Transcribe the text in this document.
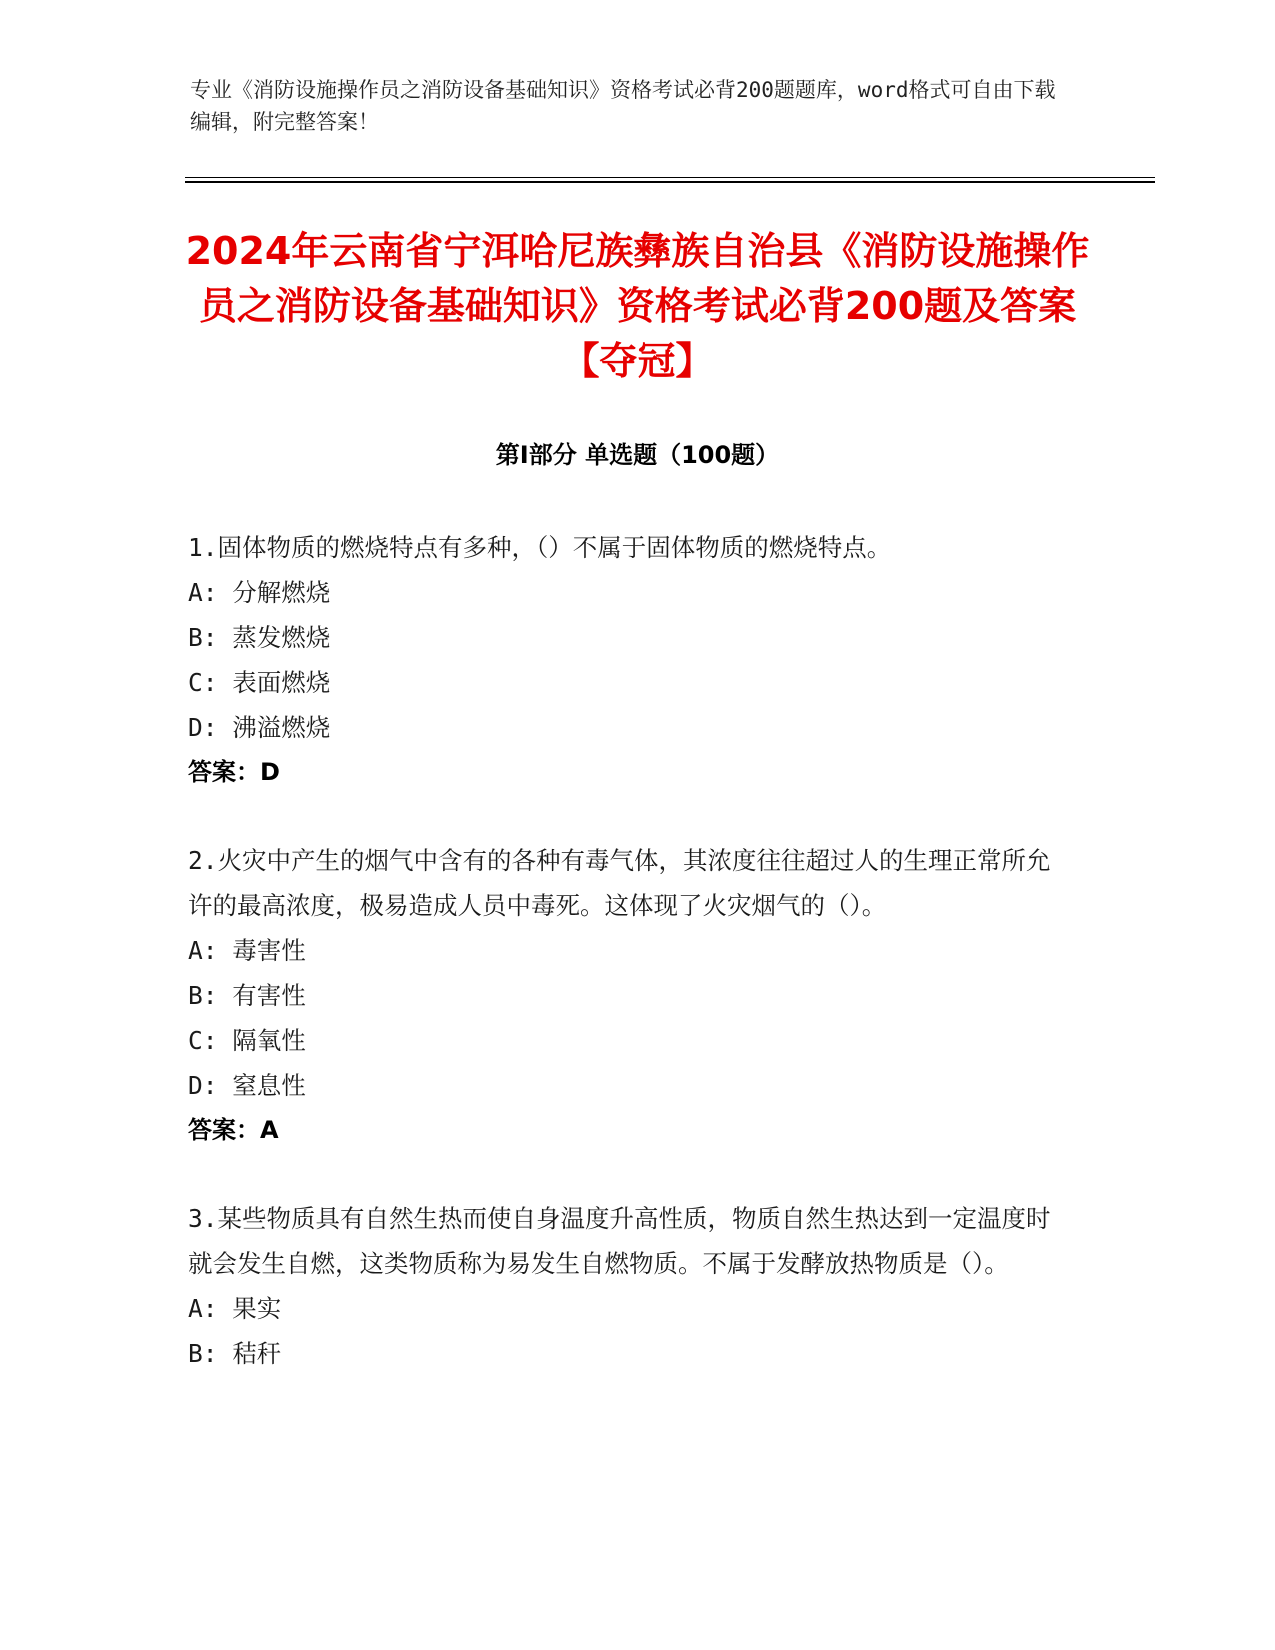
专业《消防设施操作员之消防设备基础知识》资格考试必背200题题库，word格式可自由下载编辑，附完整答案！
2024年云南省宁洱哈尼族彝族自治县《消防设施操作员之消防设备基础知识》资格考试必背200题及答案【夺冠】
第Ⅰ部分 单选题（100题）

1.固体物质的燃烧特点有多种，（）不属于固体物质的燃烧特点。

A: 分解燃烧

B: 蒸发燃烧

C: 表面燃烧

D: 沸溢燃烧

答案：D

2.火灾中产生的烟气中含有的各种有毒气体，其浓度往往超过人的生理正常所允许的最高浓度，极易造成人员中毒死。这体现了火灾烟气的（）。

A: 毒害性

B: 有害性

C: 隔氧性

D: 窒息性

答案：A

3.某些物质具有自然生热而使自身温度升高性质，物质自然生热达到一定温度时就会发生自燃，这类物质称为易发生自燃物质。不属于发酵放热物质是（）。

A: 果实

B: 秸秆
